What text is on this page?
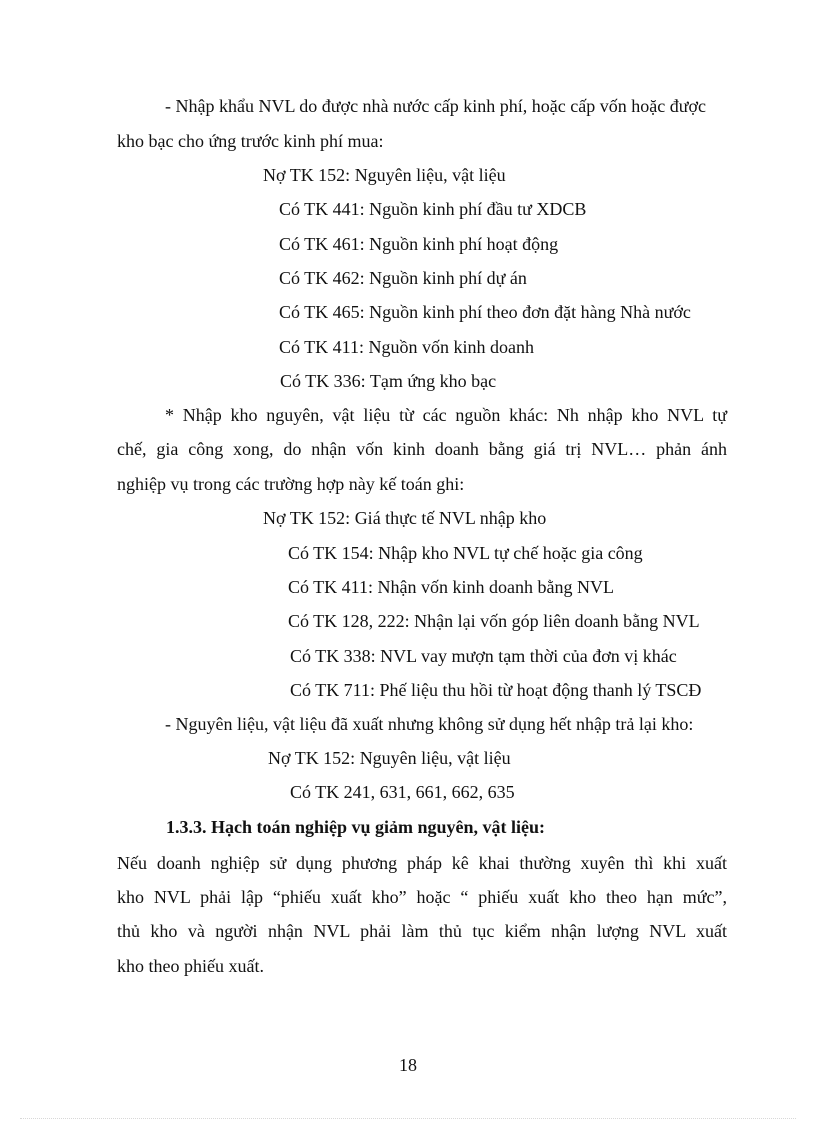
- Nhập khẩu NVL do được nhà nước cấp kinh phí, hoặc cấp vốn hoặc được
kho bạc cho ứng trước kinh phí mua:
Nợ TK 152: Nguyên liệu, vật liệu
Có TK 441: Nguồn kinh phí đầu tư XDCB
Có TK 461: Nguồn kinh phí hoạt động
Có TK 462: Nguồn kinh phí dự án
Có TK 465: Nguồn kinh phí theo đơn đặt hàng Nhà nước
Có TK 411: Nguồn vốn kinh doanh
Có TK 336: Tạm ứng kho bạc
* Nhập kho nguyên, vật liệu từ các nguồn khác: Nh nhập kho NVL tự
chế, gia công xong, do nhận vốn kinh doanh bằng giá trị NVL… phản ánh
nghiệp vụ trong các trường hợp này kế toán ghi:
Nợ TK 152: Giá thực tế NVL nhập kho
Có TK 154: Nhập kho NVL tự chế hoặc gia công
Có TK 411: Nhận vốn kinh doanh bằng NVL
Có TK 128, 222: Nhận lại vốn góp liên doanh bằng NVL
Có TK 338: NVL vay mượn tạm thời của đơn vị khác
Có TK 711: Phế liệu thu hồi từ hoạt động thanh lý TSCĐ
- Nguyên liệu, vật liệu đã xuất nhưng không sử dụng hết nhập trả lại kho:
Nợ TK 152: Nguyên liệu, vật liệu
Có TK 241, 631, 661, 662, 635
1.3.3. Hạch toán nghiệp vụ giảm nguyên, vật liệu:
Nếu doanh nghiệp sử dụng phương pháp kê khai thường xuyên thì khi xuất
kho NVL phải lập “phiếu xuất kho” hoặc “ phiếu xuất kho theo hạn mức”,
thủ kho và người nhận NVL phải làm thủ tục kiểm nhận lượng NVL xuất
kho theo phiếu xuất.
18
